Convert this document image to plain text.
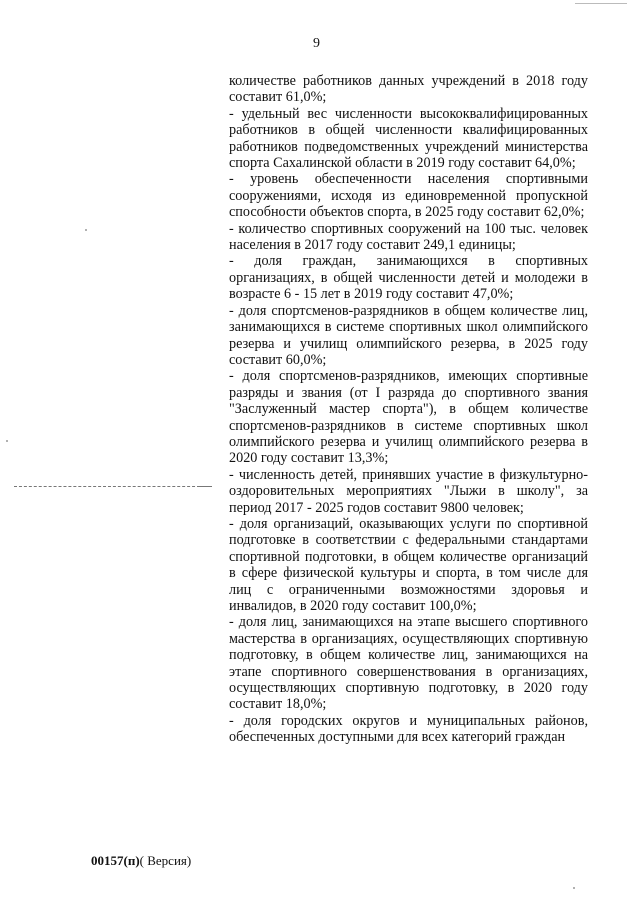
9

количестве работников данных учреждений в 2018 году составит 61,0%;

- удельный вес численности высококвалифицированных работников в общей численности квалифицированных работников подведомственных учреждений министерства спорта Сахалинской области в 2019 году составит 64,0%;

- уровень обеспеченности населения спортивными сооружениями, исходя из единовременной пропускной способности объектов спорта, в 2025 году составит 62,0%;

- количество спортивных сооружений на 100 тыс. человек населения в 2017 году составит 249,1 единицы;

- доля граждан, занимающихся в спортивных организациях, в общей численности детей и молодежи в возрасте 6 - 15 лет в 2019 году составит 47,0%;

- доля спортсменов-разрядников в общем количестве лиц, занимающихся в системе спортивных школ олимпийского резерва и училищ олимпийского резерва, в 2025 году составит 60,0%;

- доля спортсменов-разрядников, имеющих спортивные разряды и звания (от I разряда до спортивного звания "Заслуженный мастер спорта"), в общем количестве спортсменов-разрядников в системе спортивных школ олимпийского резерва и училищ олимпийского резерва в 2020 году составит 13,3%;

- численность детей, принявших участие в физкультурно-оздоровительных мероприятиях "Лыжи в школу", за период 2017 - 2025 годов составит 9800 человек;

- доля организаций, оказывающих услуги по спортивной подготовке в соответствии с федеральными стандартами спортивной подготовки, в общем количестве организаций в сфере физической культуры и спорта, в том числе для лиц с ограниченными возможностями здоровья и инвалидов, в 2020 году составит 100,0%;

- доля лиц, занимающихся на этапе высшего спортивного мастерства в организациях, осуществляющих спортивную подготовку, в общем количестве лиц, занимающихся на этапе спортивного совершенствования в организациях, осуществляющих спортивную подготовку, в 2020 году составит 18,0%;

- доля городских округов и муниципальных районов, обеспеченных доступными для всех категорий граждан

00157(п)( Версия)
